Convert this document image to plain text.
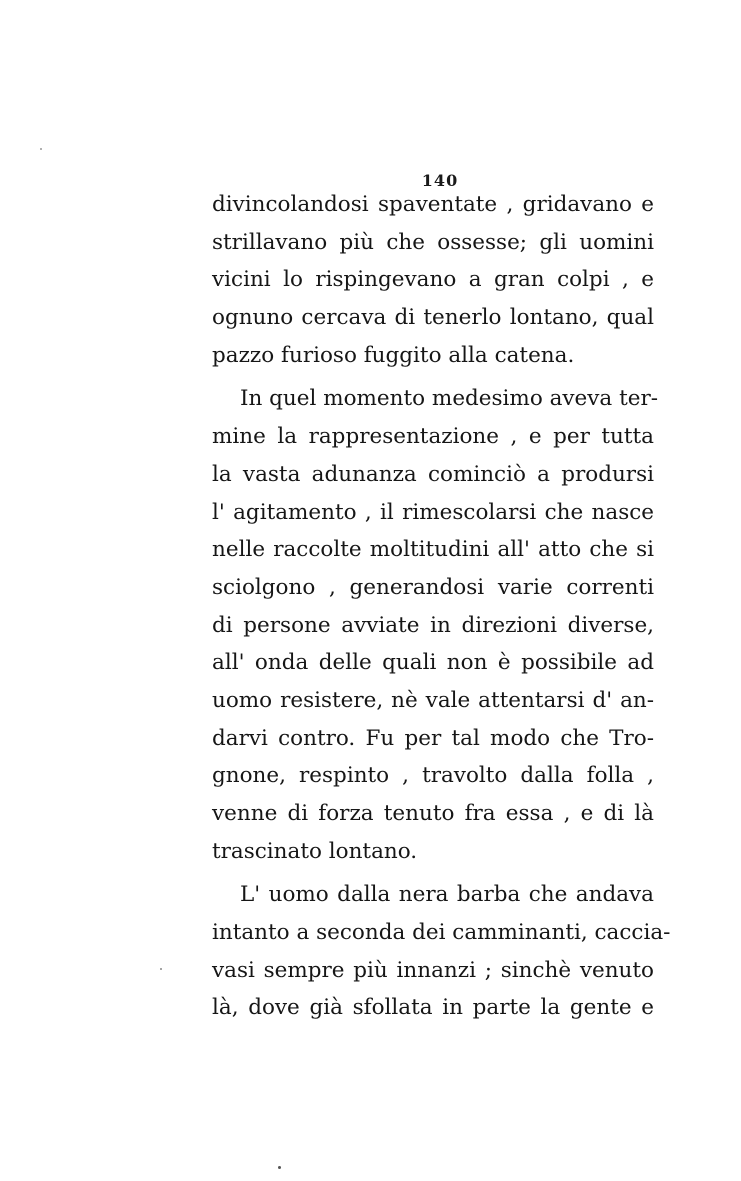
140
divincolandosi spaventate , gridavano e
strillavano più che ossesse; gli uomini
vicini lo rispingevano a gran colpi , e
ognuno cercava di tenerlo lontano, qual
pazzo furioso fuggito alla catena.
In quel momento medesimo aveva ter-
mine la rappresentazione , e per tutta
la vasta adunanza cominciò a prodursi
l' agitamento , il rimescolarsi che nasce
nelle raccolte moltitudini all' atto che si
sciolgono , generandosi varie correnti
di persone avviate in direzioni diverse,
all' onda delle quali non è possibile ad
uomo resistere, nè vale attentarsi d' an-
darvi contro. Fu per tal modo che Tro-
gnone, respinto , travolto dalla folla ,
venne di forza tenuto fra essa , e di là
trascinato lontano.
L' uomo dalla nera barba che andava
intanto a seconda dei camminanti, caccia-
vasi sempre più innanzi ; sinchè venuto
là, dove già sfollata in parte la gente e
